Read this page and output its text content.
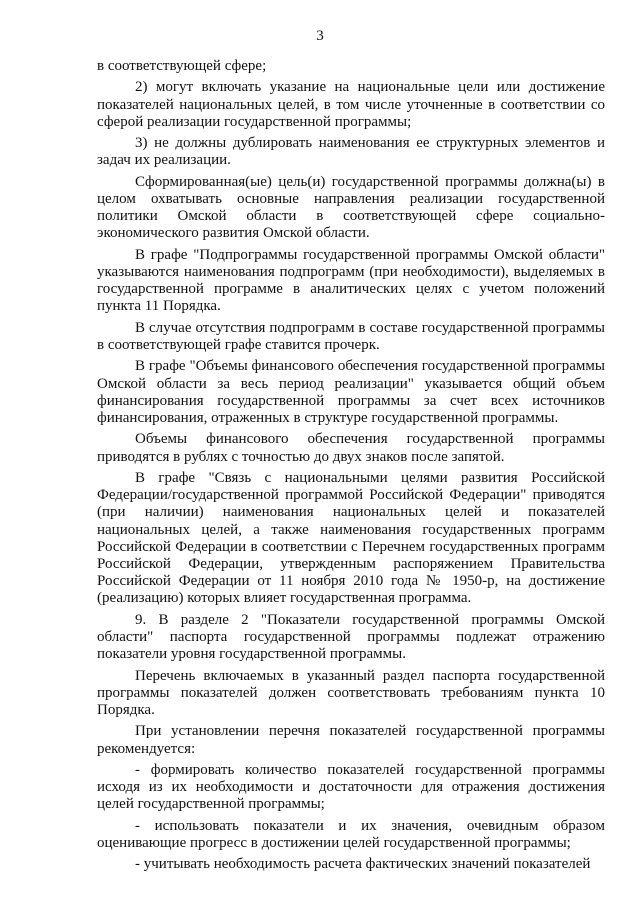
3

в соответствующей сфере;

2) могут включать указание на национальные цели или достижение показателей национальных целей, в том числе уточненные в соответствии со сферой реализации государственной программы;

3) не должны дублировать наименования ее структурных элементов и задач их реализации.

Сформированная(ые) цель(и) государственной программы должна(ы) в целом охватывать основные направления реализации государственной политики Омской области в соответствующей сфере социально-экономического развития Омской области.

В графе "Подпрограммы государственной программы Омской области" указываются наименования подпрограмм (при необходимости), выделяемых в государственной программе в аналитических целях с учетом положений пункта 11 Порядка.

В случае отсутствия подпрограмм в составе государственной программы в соответствующей графе ставится прочерк.

В графе "Объемы финансового обеспечения государственной программы Омской области за весь период реализации" указывается общий объем финансирования государственной программы за счет всех источников финансирования, отраженных в структуре государственной программы.

Объемы финансового обеспечения государственной программы приводятся в рублях с точностью до двух знаков после запятой.

В графе "Связь с национальными целями развития Российской Федерации/государственной программой Российской Федерации" приводятся (при наличии) наименования национальных целей и показателей национальных целей, а также наименования государственных программ Российской Федерации в соответствии с Перечнем государственных программ Российской Федерации, утвержденным распоряжением Правительства Российской Федерации от 11 ноября 2010 года № 1950-р, на достижение (реализацию) которых влияет государственная программа.

9. В разделе 2 "Показатели государственной программы Омской области" паспорта государственной программы подлежат отражению показатели уровня государственной программы.

Перечень включаемых в указанный раздел паспорта государственной программы показателей должен соответствовать требованиям пункта 10 Порядка.

При установлении перечня показателей государственной программы рекомендуется:

- формировать количество показателей государственной программы исходя из их необходимости и достаточности для отражения достижения целей государственной программы;

- использовать показатели и их значения, очевидным образом оценивающие прогресс в достижении целей государственной программы;

- учитывать необходимость расчета фактических значений показателей
